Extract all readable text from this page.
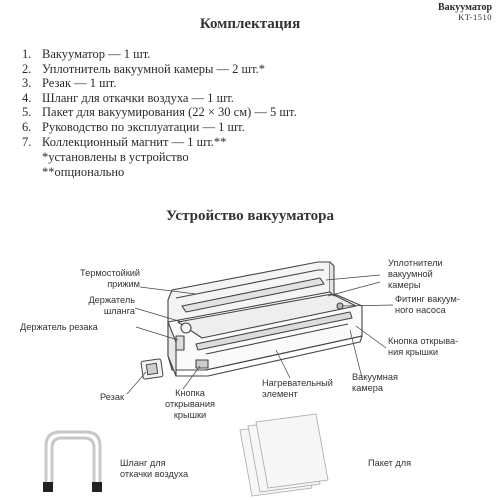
Вакууматор
KT-1510
Комплектация
1. Вакууматор — 1 шт.
2. Уплотнитель вакуумной камеры — 2 шт.*
3. Резак — 1 шт.
4. Шланг для откачки воздуха — 1 шт.
5. Пакет для вакуумирования (22 × 30 см) — 5 шт.
6. Руководство по эксплуатации — 1 шт.
7. Коллекционный магнит — 1 шт.**
*установлены в устройство
**опционально
Устройство вакууматора
Термостойкий
прижим
Держатель
шланга
Держатель резака
Резак	Кнопка
открывания
крышки
Нагревательный
элемент
Вакуумная
камера
Кнопка открыва-
ния крышки
Фитинг вакуум-
ного насоса
Уплотнители
вакуумной
камеры
Шланг для
откачки воздуха
Пакет для
